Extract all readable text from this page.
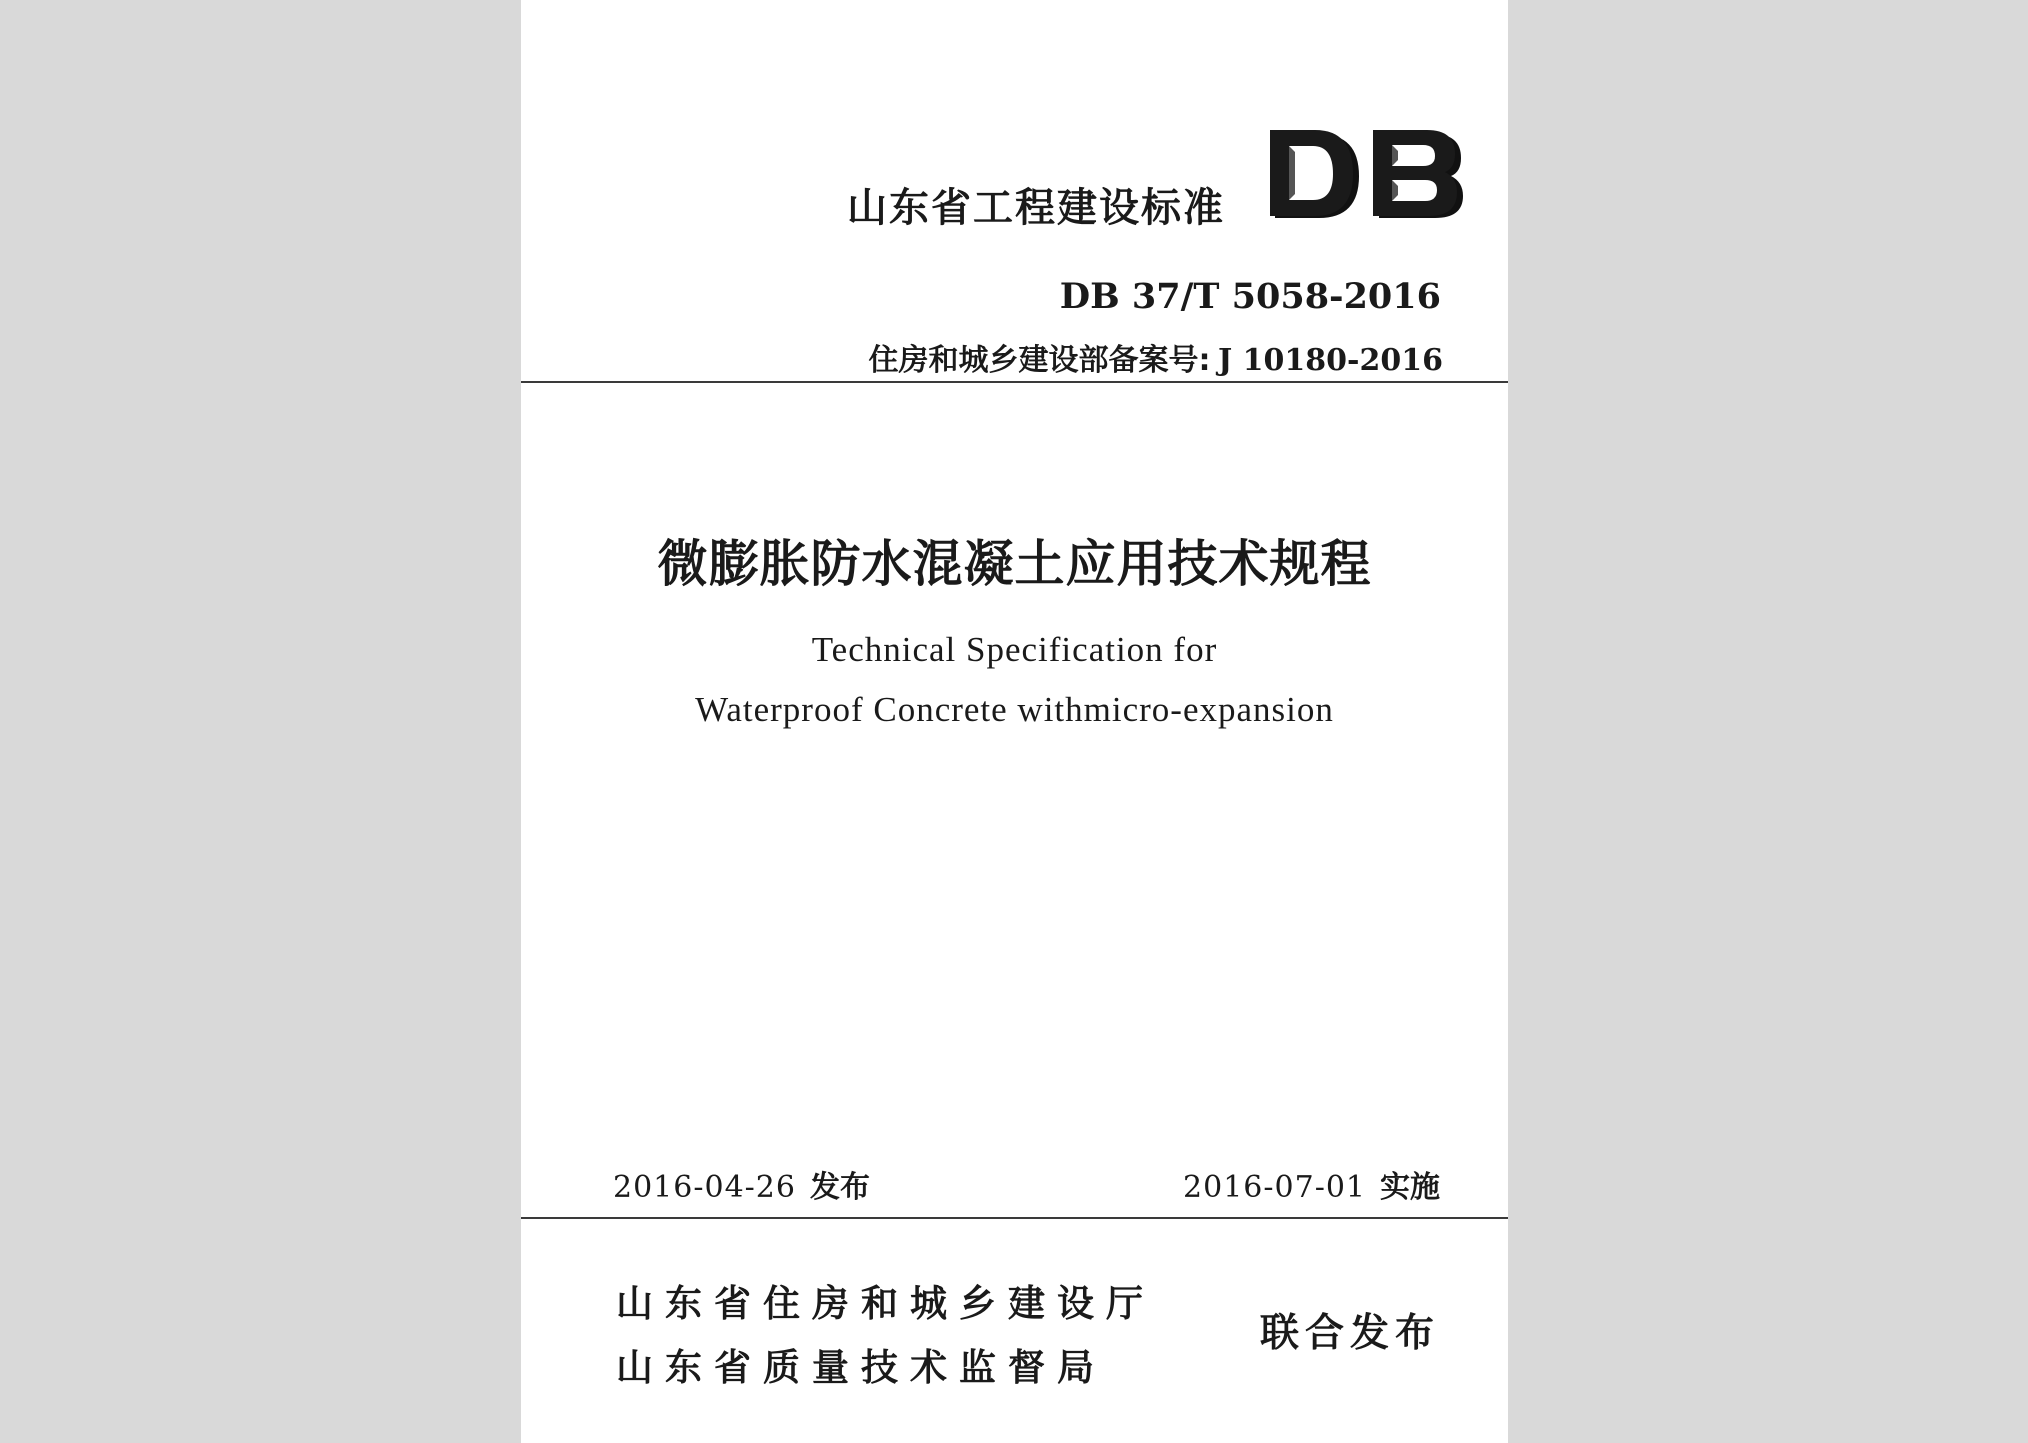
山东省工程建设标准
DB
DB 37/T 5058-2016
住房和城乡建设部备案号: J 10180-2016
微膨胀防水混凝土应用技术规程
Technical Specification for
Waterproof Concrete withmicro-expansion
2016-04-26 发布	2016-07-01 实施
山东省住房和城乡建设厅
山东省质量技术监督局
联合发布
